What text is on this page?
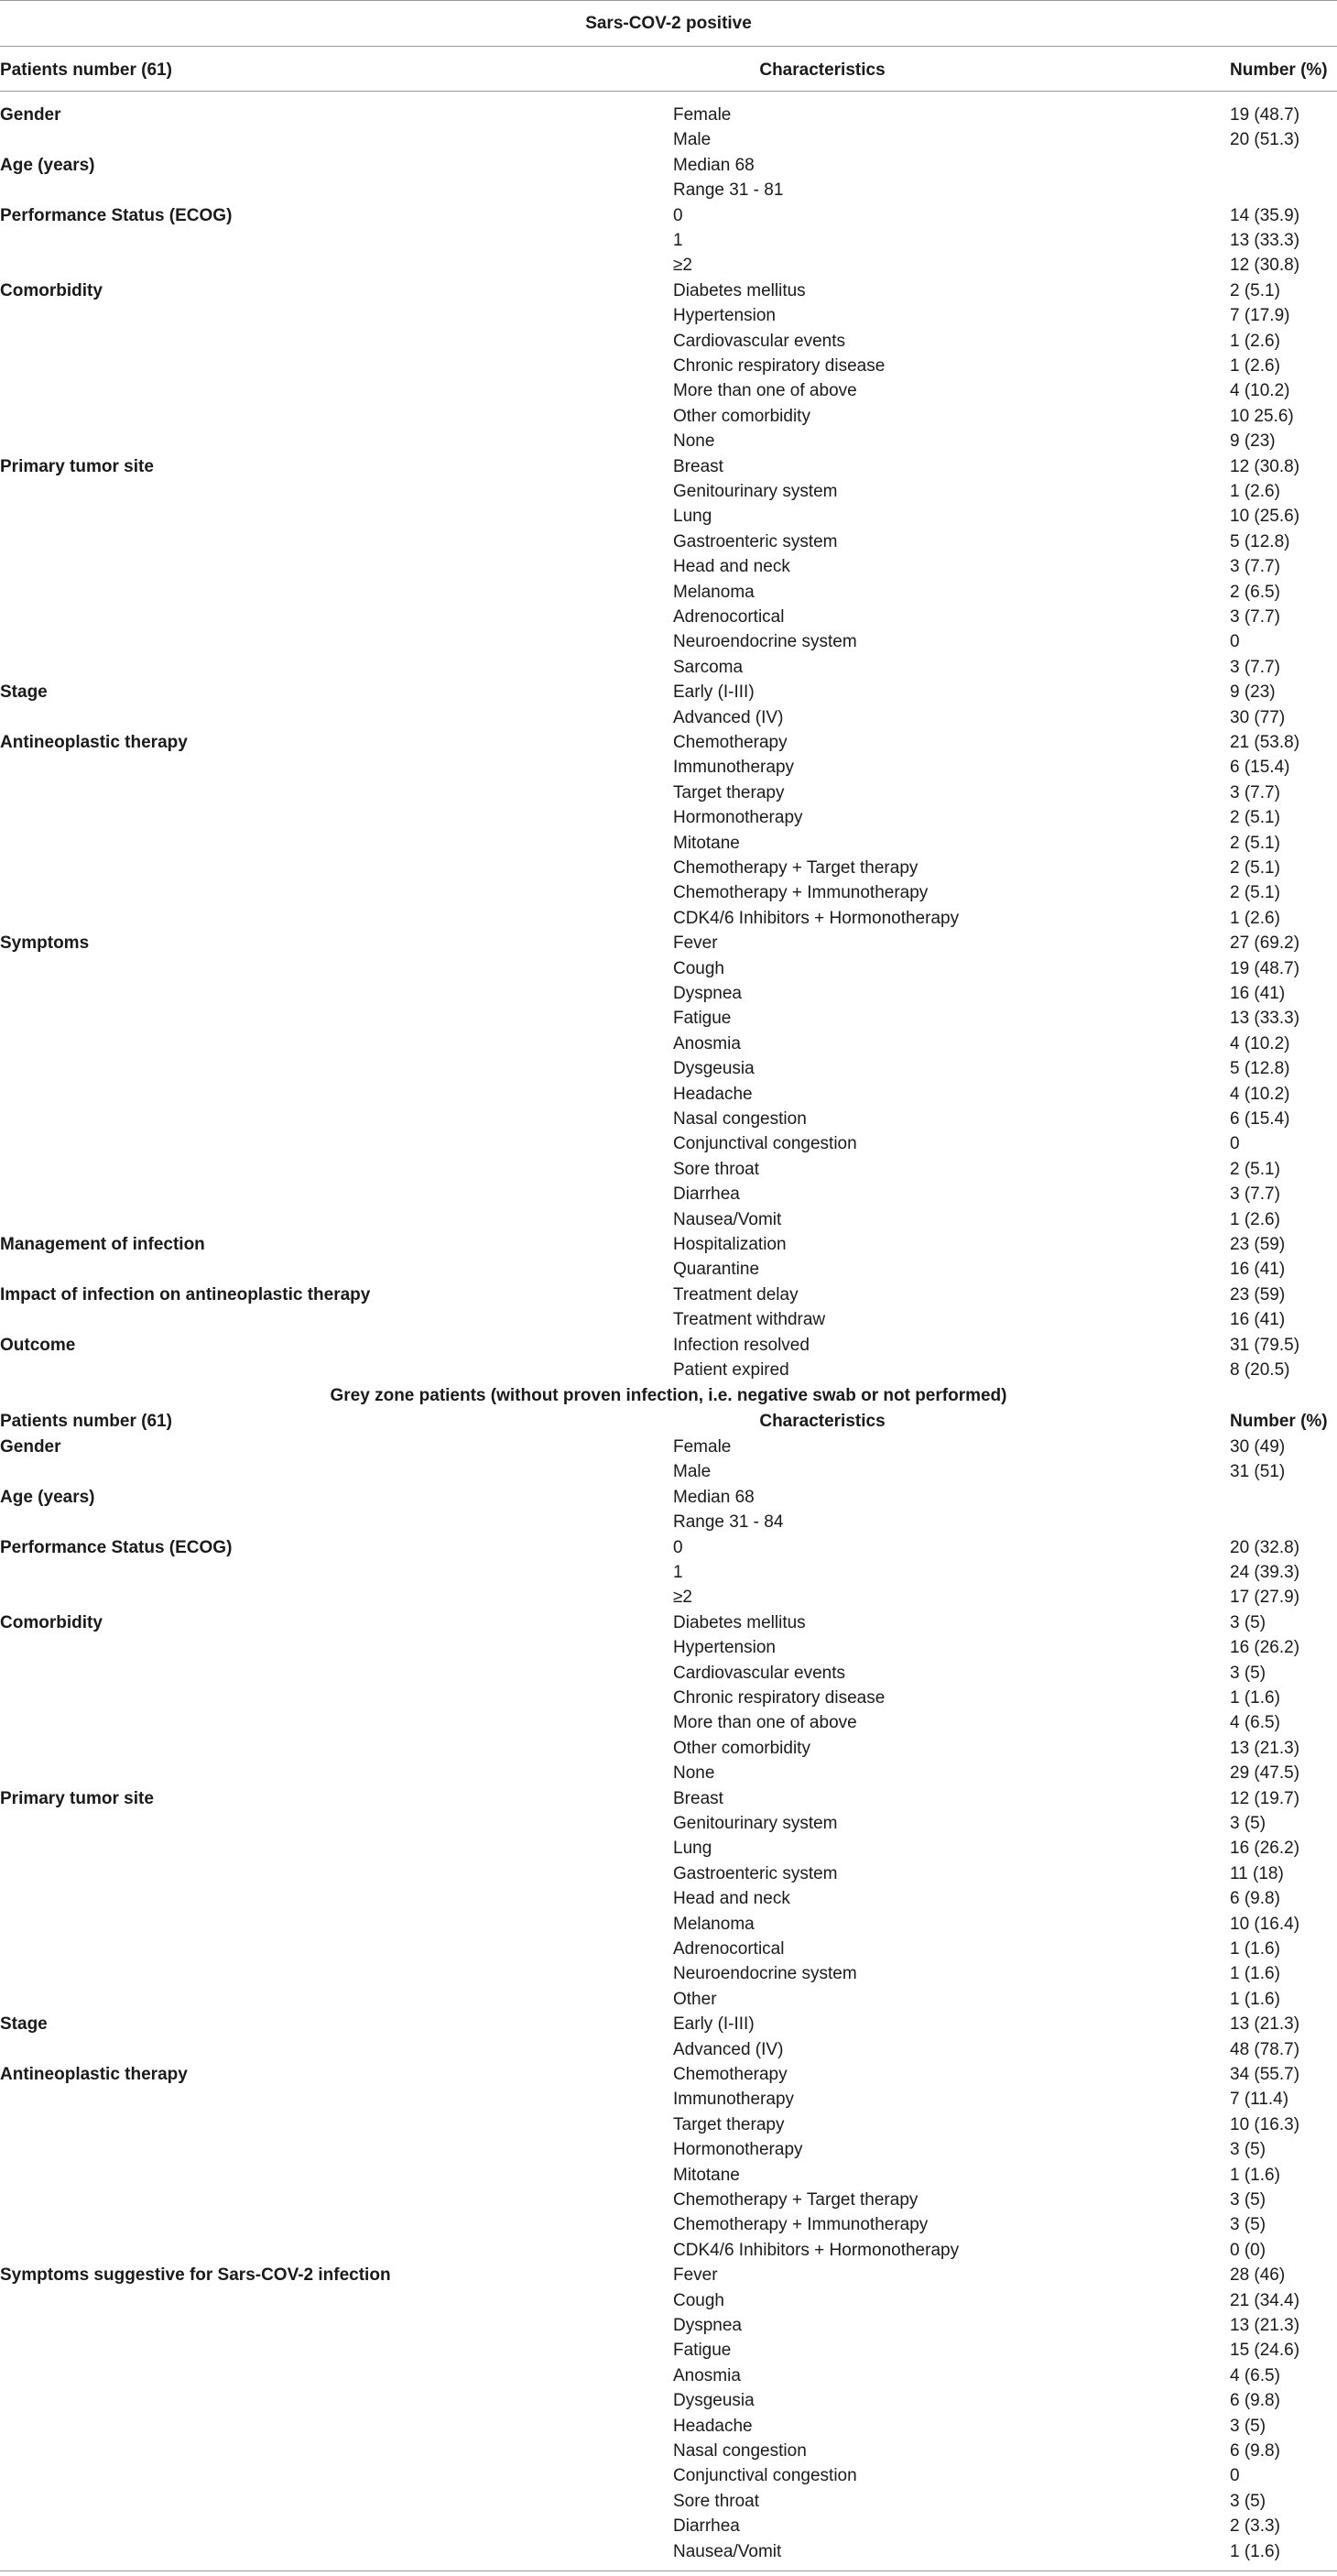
Sars-COV-2 positive
Patients number (61)	Characteristics	Number (%)
Gender	Female	19 (48.7)
Male	20 (51.3)
Age (years)	Median 68
Range 31 - 81
Performance Status (ECOG)	0	14 (35.9)
1	13 (33.3)
≥2	12 (30.8)
Comorbidity	Diabetes mellitus	2 (5.1)
Hypertension	7 (17.9)
Cardiovascular events	1 (2.6)
Chronic respiratory disease	1 (2.6)
More than one of above	4 (10.2)
Other comorbidity	10 25.6)
None	9 (23)
Primary tumor site	Breast	12 (30.8)
Genitourinary system	1 (2.6)
Lung	10 (25.6)
Gastroenteric system	5 (12.8)
Head and neck	3 (7.7)
Melanoma	2 (6.5)
Adrenocortical	3 (7.7)
Neuroendocrine system	0
Sarcoma	3 (7.7)
Stage	Early (I-III)	9 (23)
Advanced (IV)	30 (77)
Antineoplastic therapy	Chemotherapy	21 (53.8)
Immunotherapy	6 (15.4)
Target therapy	3 (7.7)
Hormonotherapy	2 (5.1)
Mitotane	2 (5.1)
Chemotherapy + Target therapy	2 (5.1)
Chemotherapy + Immunotherapy	2 (5.1)
CDK4/6 Inhibitors + Hormonotherapy	1 (2.6)
Symptoms	Fever	27 (69.2)
Cough	19 (48.7)
Dyspnea	16 (41)
Fatigue	13 (33.3)
Anosmia	4 (10.2)
Dysgeusia	5 (12.8)
Headache	4 (10.2)
Nasal congestion	6 (15.4)
Conjunctival congestion	0
Sore throat	2 (5.1)
Diarrhea	3 (7.7)
Nausea/Vomit	1 (2.6)
Management of infection	Hospitalization	23 (59)
Quarantine	16 (41)
Impact of infection on antineoplastic therapy	Treatment delay	23 (59)
Treatment withdraw	16 (41)
Outcome	Infection resolved	31 (79.5)
Patient expired	8 (20.5)
Grey zone patients (without proven infection, i.e. negative swab or not performed)
Patients number (61)	Characteristics	Number (%)
Gender	Female	30 (49)
Male	31 (51)
Age (years)	Median 68
Range 31 - 84
Performance Status (ECOG)	0	20 (32.8)
1	24 (39.3)
≥2	17 (27.9)
Comorbidity	Diabetes mellitus	3 (5)
Hypertension	16 (26.2)
Cardiovascular events	3 (5)
Chronic respiratory disease	1 (1.6)
More than one of above	4 (6.5)
Other comorbidity	13 (21.3)
None	29 (47.5)
Primary tumor site	Breast	12 (19.7)
Genitourinary system	3 (5)
Lung	16 (26.2)
Gastroenteric system	11 (18)
Head and neck	6 (9.8)
Melanoma	10 (16.4)
Adrenocortical	1 (1.6)
Neuroendocrine system	1 (1.6)
Other	1 (1.6)
Stage	Early (I-III)	13 (21.3)
Advanced (IV)	48 (78.7)
Antineoplastic therapy	Chemotherapy	34 (55.7)
Immunotherapy	7 (11.4)
Target therapy	10 (16.3)
Hormonotherapy	3 (5)
Mitotane	1 (1.6)
Chemotherapy + Target therapy	3 (5)
Chemotherapy + Immunotherapy	3 (5)
CDK4/6 Inhibitors + Hormonotherapy	0 (0)
Symptoms suggestive for Sars-COV-2 infection	Fever	28 (46)
Cough	21 (34.4)
Dyspnea	13 (21.3)
Fatigue	15 (24.6)
Anosmia	4 (6.5)
Dysgeusia	6 (9.8)
Headache	3 (5)
Nasal congestion	6 (9.8)
Conjunctival congestion	0
Sore throat	3 (5)
Diarrhea	2 (3.3)
Nausea/Vomit	1 (1.6)
